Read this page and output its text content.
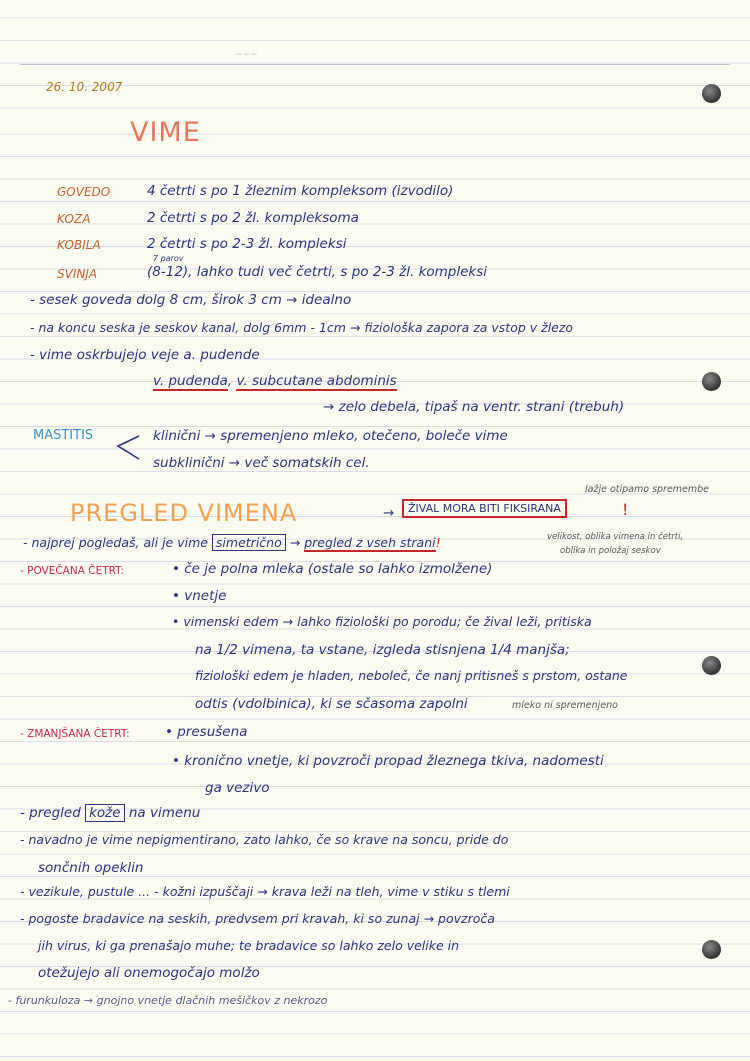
~~~
26. 10. 2007
VIME
GOVEDO	4 četrti s po 1 žleznim kompleksom (izvodilo)
KOZA	2 četrti s po 2 žl. kompleksoma
KOBILA	2 četrti s po 2-3 žl. kompleksi
7 parov
SVINJA	(8-12), lahko tudi več četrti, s po 2-3 žl. kompleksi
- sesek goveda dolg 8 cm, širok 3 cm → idealno
- na koncu seska je seskov kanal, dolg 6mm - 1cm → fiziološka zapora za vstop v žlezo
- vime oskrbujejo veje a. pudende
v. pudenda, v. subcutane abdominis
→ zelo debela, tipaš na ventr. strani (trebuh)
MASTITIS	klinični → spremenjeno mleko, otečeno, boleče vime
subklinični → več somatskih cel.
PREGLED VIMENA	→	ŽIVAL MORA BITI FIKSIRANA	!
lažje otipamo spremembe
- najprej pogledaš, ali je vime simetrično → pregled z vseh strani!	velikost, oblika vimena in četrti,
oblika in položaj seskov
- POVEČANA ČETRT:	• če je polna mleka (ostale so lahko izmolžene)
• vnetje
• vimenski edem → lahko fiziološki po porodu; če žival leži, pritiska
na 1/2 vimena, ta vstane, izgleda stisnjena 1/4 manjša;
fiziološki edem je hladen, neboleč, če nanj pritisneš s prstom, ostane
odtis (vdolbinica), ki se sčasoma zapolni	mleko ni spremenjeno
- ZMANJŠANA ČETRT:	• presušena
• kronično vnetje, ki povzroči propad žleznega tkiva, nadomesti
ga vezivo
- pregled kože na vimenu
- navadno je vime nepigmentirano, zato lahko, če so krave na soncu, pride do
sončnih opeklin
- vezikule, pustule ... - kožni izpuščaji → krava leži na tleh, vime v stiku s tlemi
- pogoste bradavice na seskih, predvsem pri kravah, ki so zunaj → povzroča
jih virus, ki ga prenašajo muhe; te bradavice so lahko zelo velike in
otežujejo ali onemogočajo molžo
- furunkuloza → gnojno vnetje dlačnih mešičkov z nekrozo
